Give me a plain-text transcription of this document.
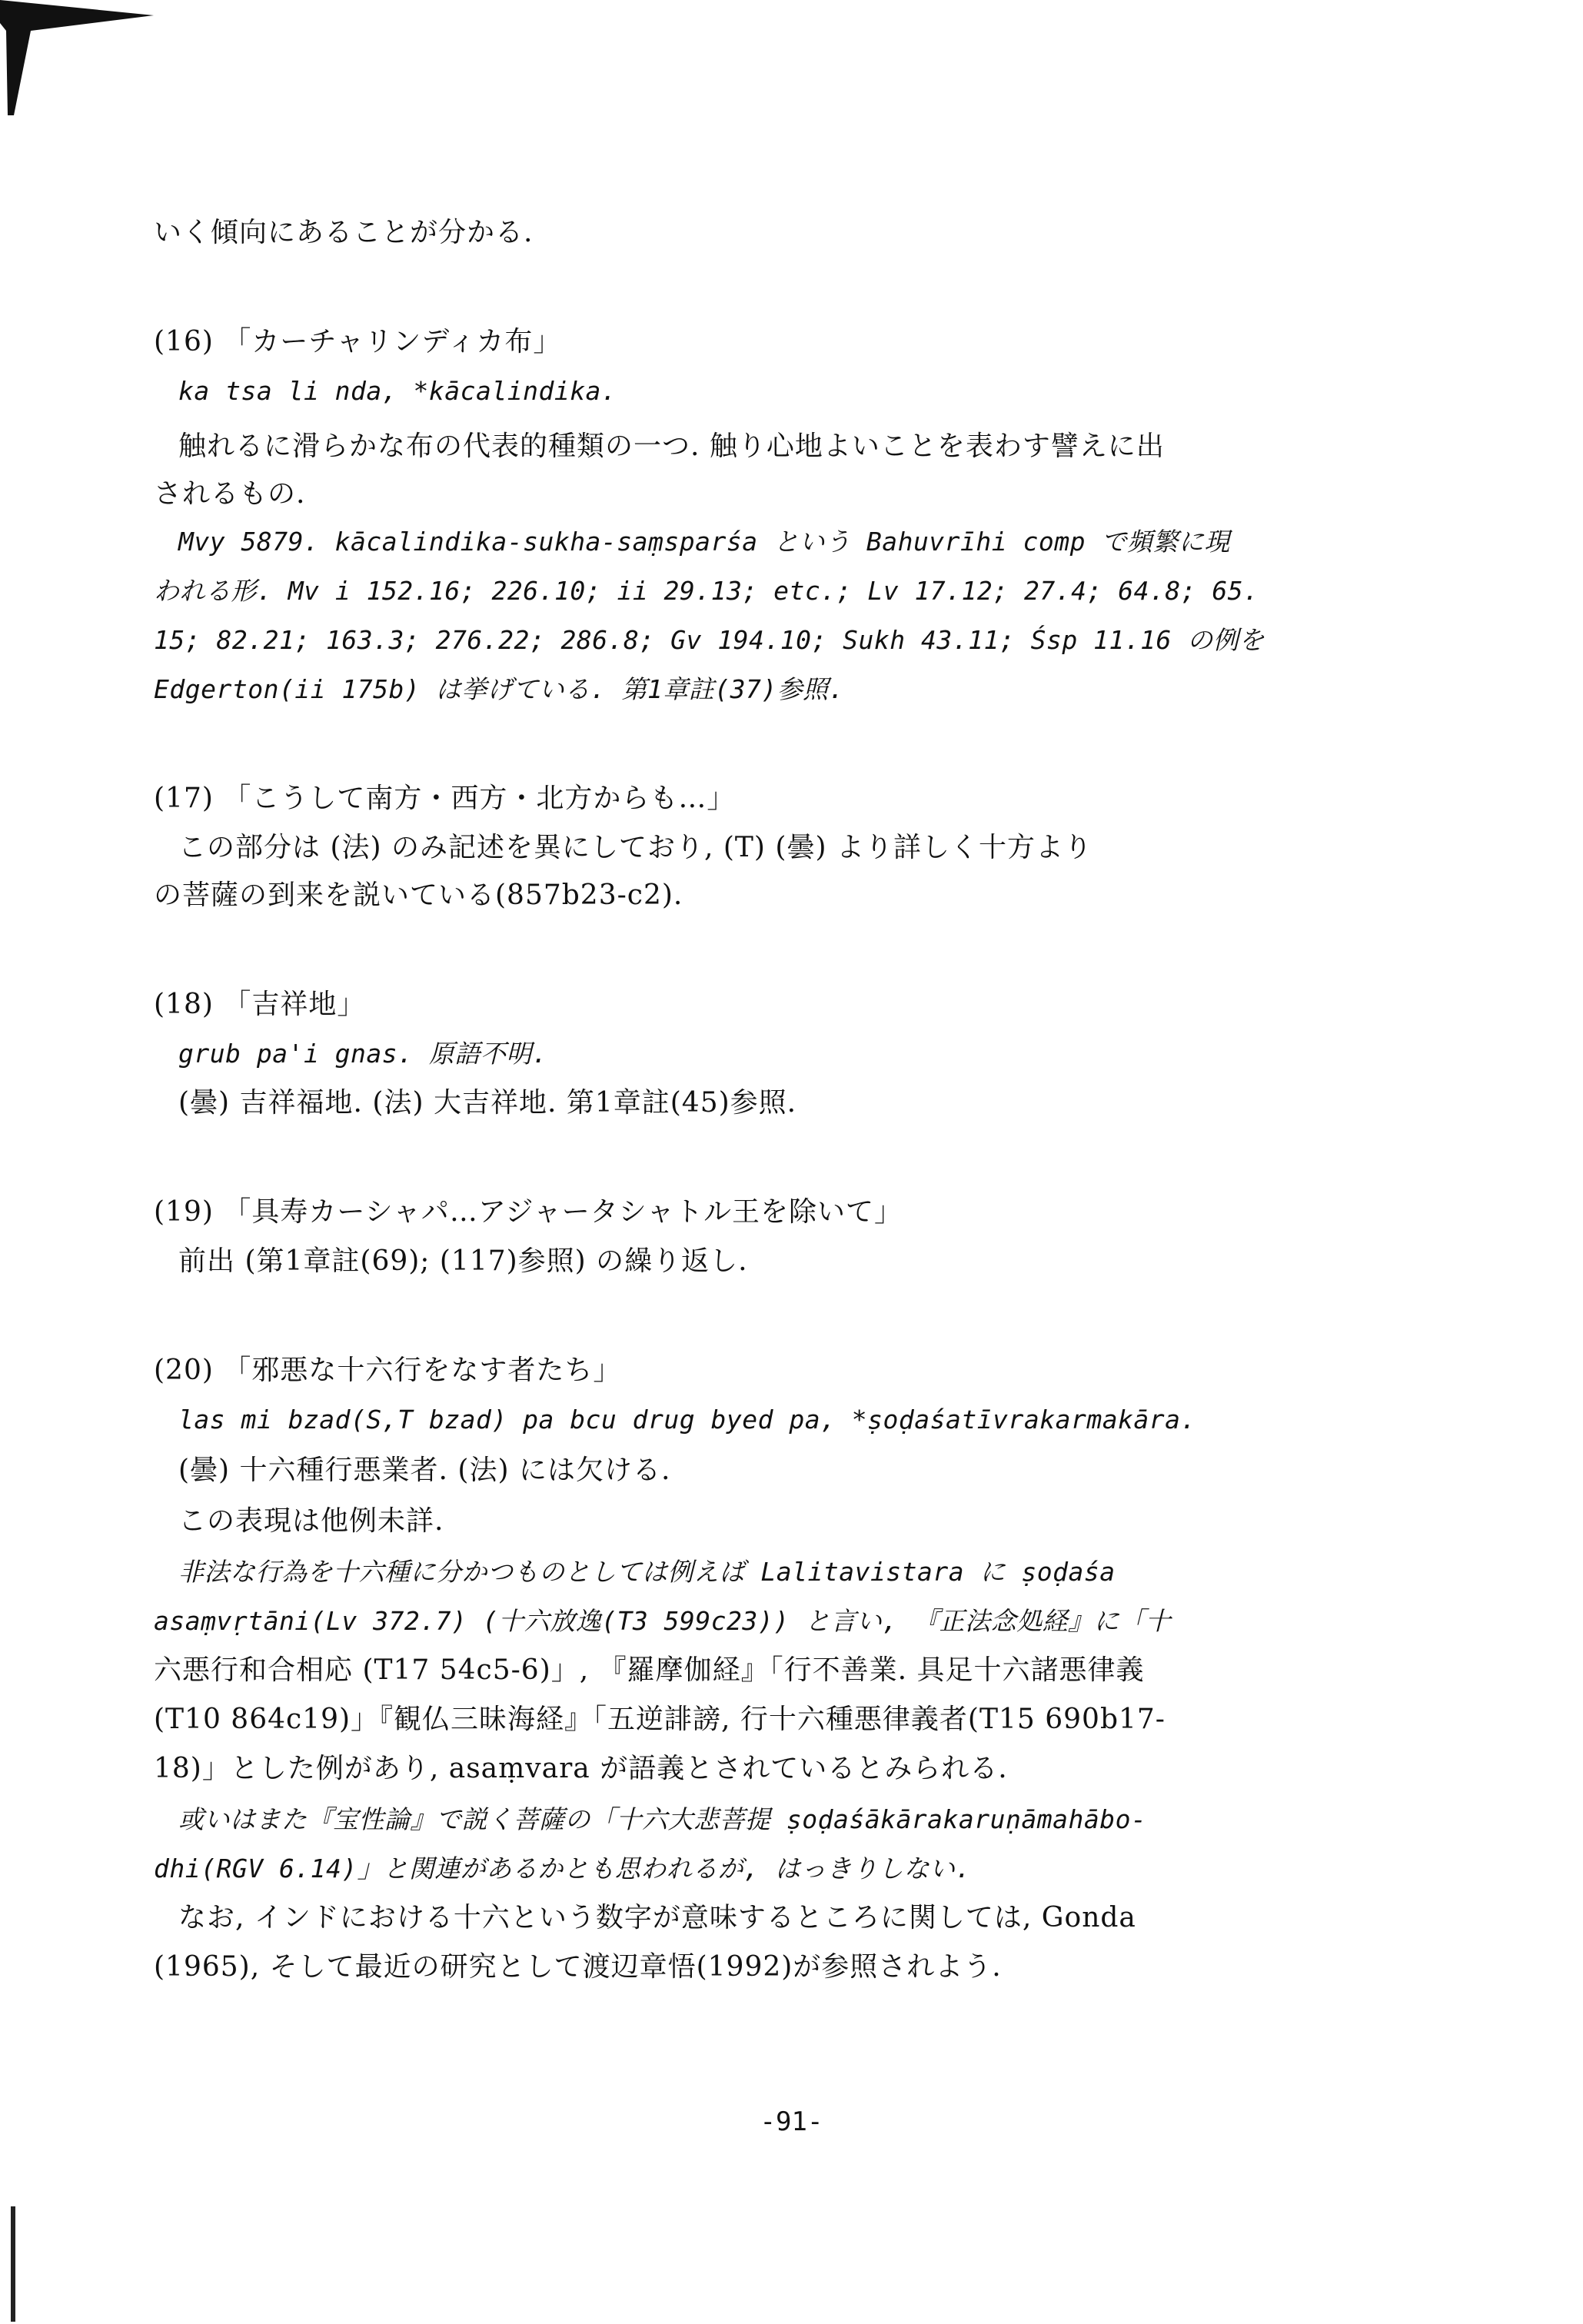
いく傾向にあることが分かる.
(16) 「カーチャリンディカ布」
ka tsa li nda, *kācalindika.
触れるに滑らかな布の代表的種類の一つ. 触り心地よいことを表わす譬えに出
されるもの.
Mvy 5879. kācalindika-sukha-saṃsparśa という Bahuvrīhi comp で頻繁に現
われる形. Mv i 152.16; 226.10; ii 29.13; etc.; Lv 17.12; 27.4; 64.8; 65.
15; 82.21; 163.3; 276.22; 286.8; Gv 194.10; Sukh 43.11; Śsp 11.16 の例を
Edgerton(ii 175b) は挙げている. 第1章註(37)参照.
(17) 「こうして南方・西方・北方からも…」
この部分は (法) のみ記述を異にしており, (T) (曇) より詳しく十方より
の菩薩の到来を説いている(857b23-c2).
(18) 「吉祥地」
grub pa'i gnas. 原語不明.
(曇) 吉祥福地. (法) 大吉祥地. 第1章註(45)参照.
(19) 「具寿カーシャパ…アジャータシャトル王を除いて」
前出 (第1章註(69); (117)参照) の繰り返し.
(20) 「邪悪な十六行をなす者たち」
las mi bzad(S,T bzad) pa bcu drug byed pa, *ṣoḍaśatīvrakarmakāra.
(曇) 十六種行悪業者. (法) には欠ける.
この表現は他例未詳.
非法な行為を十六種に分かつものとしては例えば Lalitavistara に ṣoḍaśa
asaṃvṛtāni(Lv 372.7) (十六放逸(T3 599c23)) と言い, 『正法念処経』に「十
六悪行和合相応 (T17 54c5-6)」, 『羅摩伽経』「行不善業. 具足十六諸悪律義
(T10 864c19)」『観仏三昧海経』「五逆誹謗, 行十六種悪律義者(T15 690b17-
18)」とした例があり, asaṃvara が語義とされているとみられる.
或いはまた『宝性論』で説く菩薩の「十六大悲菩提 ṣoḍaśākārakaruṇāmahābo-
dhi(RGV 6.14)」と関連があるかとも思われるが, はっきりしない.
なお, インドにおける十六という数字が意味するところに関しては, Gonda
(1965), そして最近の研究として渡辺章悟(1992)が参照されよう.
-91-
